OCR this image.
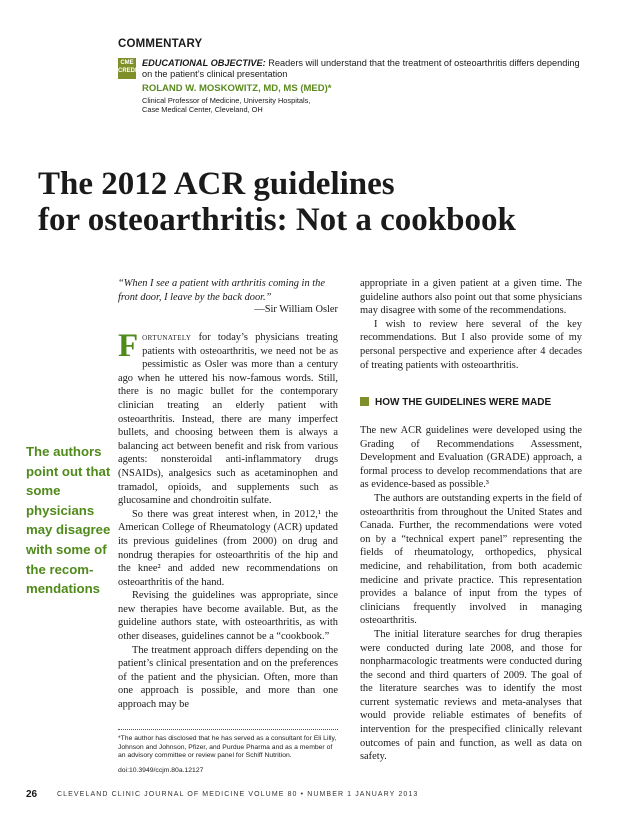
COMMENTARY
CME CREDIT
EDUCATIONAL OBJECTIVE: Readers will understand that the treatment of osteoarthritis differs depending on the patient’s clinical presentation
ROLAND W. MOSKOWITZ, MD, MS (MED)*
Clinical Professor of Medicine, University Hospitals,
Case Medical Center, Cleveland, OH
The 2012 ACR guidelines
for osteoarthritis: Not a cookbook
The authors point out that some physicians may disagree with some of the recom-mendations
“When I see a patient with arthritis coming in the front door, I leave by the back door.”
—Sir William Osler

Fortunately for today’s physicians treating patients with osteoarthritis, we need not be as pessimistic as Osler was more than a century ago when he uttered his now-famous words. Still, there is no magic bullet for the contemporary clinician treating an elderly patient with osteoarthritis. Instead, there are many imperfect bullets, and choosing between them is always a balancing act between benefit and risk from various agents: nonsteroidal anti-inflammatory drugs (NSAIDs), analgesics such as acetaminophen and tramadol, opioids, and supplements such as glucosamine and chondroitin sulfate.

So there was great interest when, in 2012,¹ the American College of Rheumatology (ACR) updated its previous guidelines (from 2000) on drug and nondrug therapies for osteoarthritis of the hip and the knee² and added new recommendations on osteoarthritis of the hand.

Revising the guidelines was appropriate, since new therapies have become available. But, as the guideline authors state, with osteoarthritis, as with other diseases, guidelines cannot be a “cookbook.”

The treatment approach differs depending on the patient’s clinical presentation and on the preferences of the patient and the physician. Often, more than one approach is possible, and more than one approach may be

*The author has disclosed that he has served as a consultant for Eli Lilly, Johnson and Johnson, Pfizer, and Purdue Pharma and as a member of an advisory committee or review panel for Schiff Nutrition.
doi:10.3949/ccjm.80a.12127

appropriate in a given patient at a given time. The guideline authors also point out that some physicians may disagree with some of the recommendations.

I wish to review here several of the key recommendations. But I also provide some of my personal perspective and experience after 4 decades of treating patients with osteoarthritis.

HOW THE GUIDELINES WERE MADE

The new ACR guidelines were developed using the Grading of Recommendations Assessment, Development and Evaluation (GRADE) approach, a formal process to develop recommendations that are as evidence-based as possible.³

The authors are outstanding experts in the field of osteoarthritis from throughout the United States and Canada. Further, the recommendations were voted on by a “technical expert panel” representing the fields of rheumatology, orthopedics, physical medicine, and rehabilitation, from both academic medicine and private practice. This representation provides a balance of input from the types of clinicians frequently involved in managing osteoarthritis.

The initial literature searches for drug therapies were conducted during late 2008, and those for nonpharmacologic treatments were conducted during the second and third quarters of 2009. The goal of the literature searches was to identify the most current systematic reviews and meta-analyses that would provide reliable estimates of benefits of intervention for the prespecified clinically relevant outcomes of pain and function, as well as data on safety.

26	CLEVELAND CLINIC JOURNAL OF MEDICINE VOLUME 80 • NUMBER 1 JANUARY 2013
